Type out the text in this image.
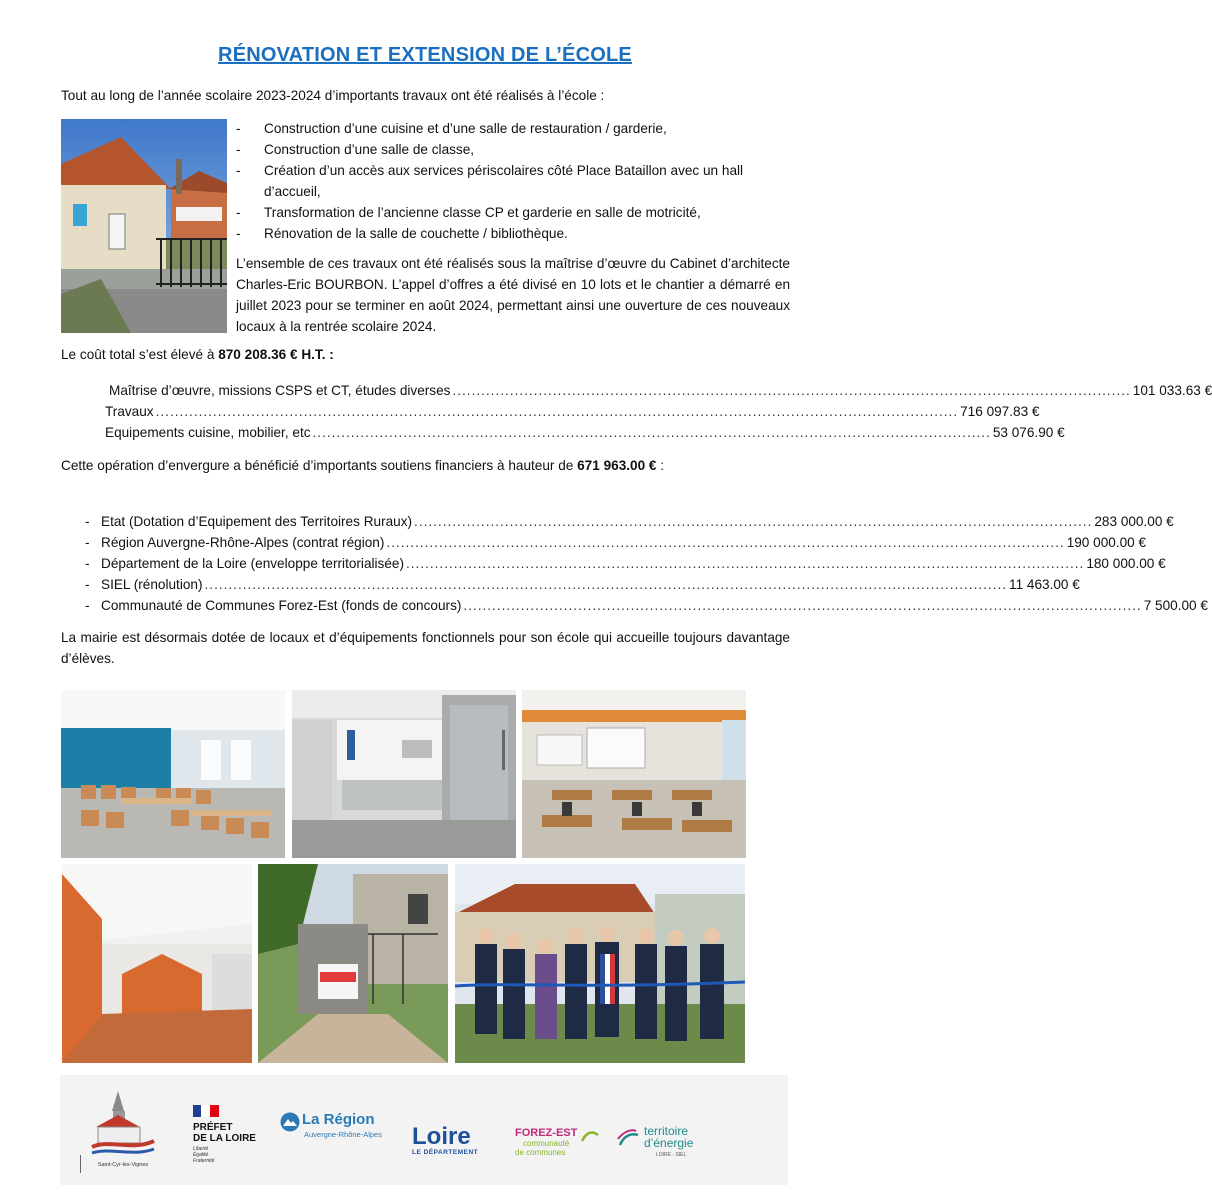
RÉNOVATION ET EXTENSION DE L’ÉCOLE
Tout au long de l’année scolaire 2023-2024 d’importants travaux ont été réalisés à l’école :
- Construction d’une cuisine et d’une salle de restauration / garderie,
- Construction d’une salle de classe,
- Création d’un accès aux services périscolaires côté Place Bataillon avec un hall d’accueil,
- Transformation de l’ancienne classe CP et garderie en salle de motricité,
- Rénovation de la salle de couchette / bibliothèque.
L’ensemble de ces travaux ont été réalisés sous la maîtrise d’œuvre du Cabinet d’architecte Charles-Eric BOURBON. L’appel d’offres a été divisé en 10 lots et le chantier a démarré en juillet 2023 pour se terminer en août 2024, permettant ainsi une ouverture de ces nouveaux locaux à la rentrée scolaire 2024.
Le coût total s’est élevé à 870 208.36 € H.T. :
Maîtrise d’œuvre, missions CSPS et CT, études diverses .............................................................................................................................................. 101 033.63 €
Travaux ........................................................................................................................................................................ 716 097.83 €
Equipements cuisine, mobilier, etc .............................................................................................................................................. 53 076.90 €
Cette opération d’envergure a bénéficié d’importants soutiens financiers à hauteur de 671 963.00 € :
- Etat (Dotation d’Equipement des Territoires Ruraux) .............................................................................................................................................. 283 000.00 €
- Région Auvergne-Rhône-Alpes (contrat région) .............................................................................................................................................. 190 000.00 €
- Département de la Loire (enveloppe territorialisée) .............................................................................................................................................. 180 000.00 €
- SIEL (rénolution) ........................................................................................................................................................................ 11 463.00 €
- Communauté de Communes Forez-Est (fonds de concours) .............................................................................................................................................. 7 500.00 €
La mairie est désormais dotée de locaux et d’équipements fonctionnels pour son école qui accueille toujours davantage d’élèves.
Saint-Cyr-les-Vignes
PRÉFET
DE LA LOIRE
Liberté
Égalité
Fraternité
La Région
Auvergne-Rhône-Alpes Loire
LE DÉPARTEMENT
FOREZ-EST
communauté
de communes
territoire
d’énergie
LOIRE · SIEL
